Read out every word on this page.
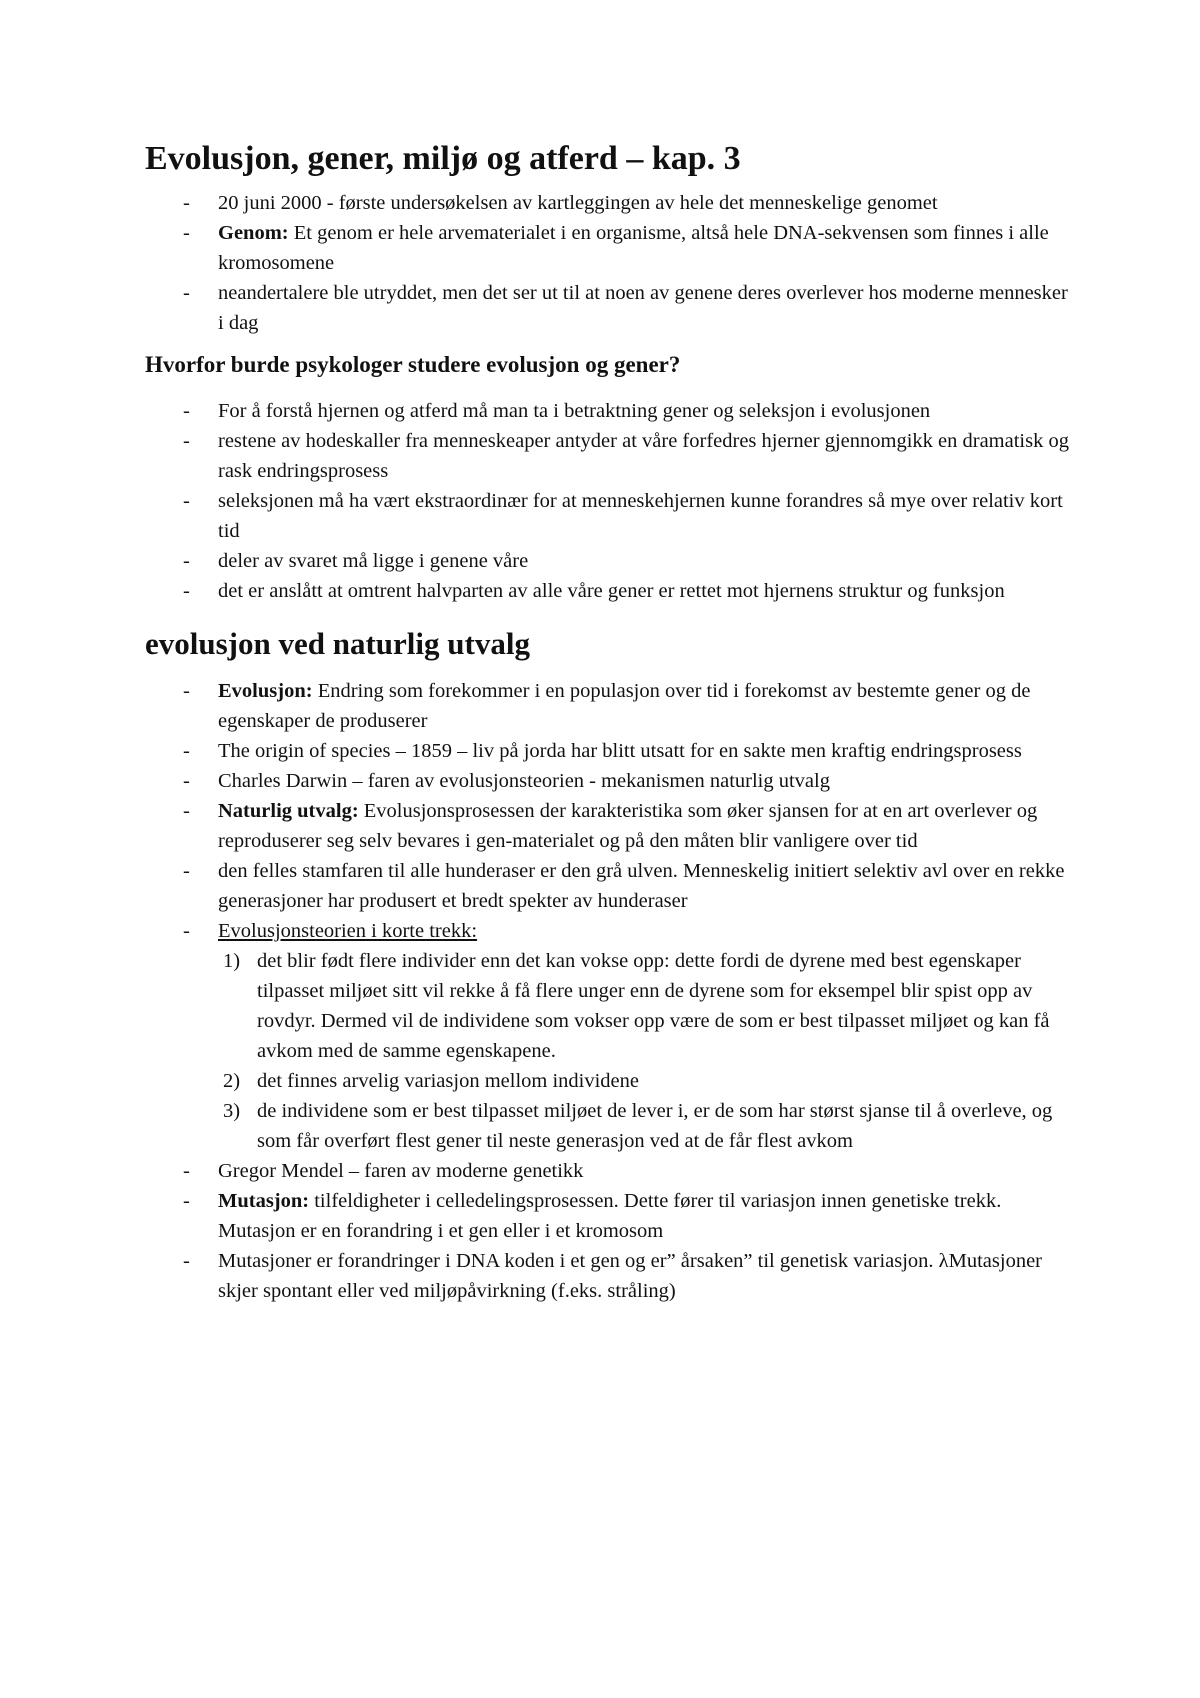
Evolusjon, gener, miljø og atferd – kap. 3
- 20 juni 2000 - første undersøkelsen av kartleggingen av hele det menneskelige genomet
- Genom: Et genom er hele arvematerialet i en organisme, altså hele DNA-sekvensen som finnes i alle kromosomene
- neandertalere ble utryddet, men det ser ut til at noen av genene deres overlever hos moderne mennesker i dag
Hvorfor burde psykologer studere evolusjon og gener?
- For å forstå hjernen og atferd må man ta i betraktning gener og seleksjon i evolusjonen
- restene av hodeskaller fra menneskeaper antyder at våre forfedres hjerner gjennomgikk en dramatisk og rask endringsprosess
- seleksjonen må ha vært ekstraordinær for at menneskehjernen kunne forandres så mye over relativ kort tid
- deler av svaret må ligge i genene våre
- det er anslått at omtrent halvparten av alle våre gener er rettet mot hjernens struktur og funksjon
evolusjon ved naturlig utvalg
- Evolusjon: Endring som forekommer i en populasjon over tid i forekomst av bestemte gener og de egenskaper de produserer
- The origin of species – 1859 – liv på jorda har blitt utsatt for en sakte men kraftig endringsprosess
- Charles Darwin – faren av evolusjonsteorien - mekanismen naturlig utvalg
- Naturlig utvalg: Evolusjonsprosessen der karakteristika som øker sjansen for at en art overlever og reproduserer seg selv bevares i gen-materialet og på den måten blir vanligere over tid
- den felles stamfaren til alle hunderaser er den grå ulven. Menneskelig initiert selektiv avl over en rekke generasjoner har produsert et bredt spekter av hunderaser
- Evolusjonsteorien i korte trekk:
1) det blir født flere individer enn det kan vokse opp: dette fordi de dyrene med best egenskaper tilpasset miljøet sitt vil rekke å få flere unger enn de dyrene som for eksempel blir spist opp av rovdyr. Dermed vil de individene som vokser opp være de som er best tilpasset miljøet og kan få avkom med de samme egenskapene.
2) det finnes arvelig variasjon mellom individene
3) de individene som er best tilpasset miljøet de lever i, er de som har størst sjanse til å overleve, og som får overført flest gener til neste generasjon ved at de får flest avkom
- Gregor Mendel – faren av moderne genetikk
- Mutasjon: tilfeldigheter i celledelingsprosessen. Dette fører til variasjon innen genetiske trekk. Mutasjon er en forandring i et gen eller i et kromosom
- Mutasjoner er forandringer i DNA koden i et gen og er” årsaken” til genetisk variasjon. λMutasjoner skjer spontant eller ved miljøpåvirkning (f.eks. stråling)
